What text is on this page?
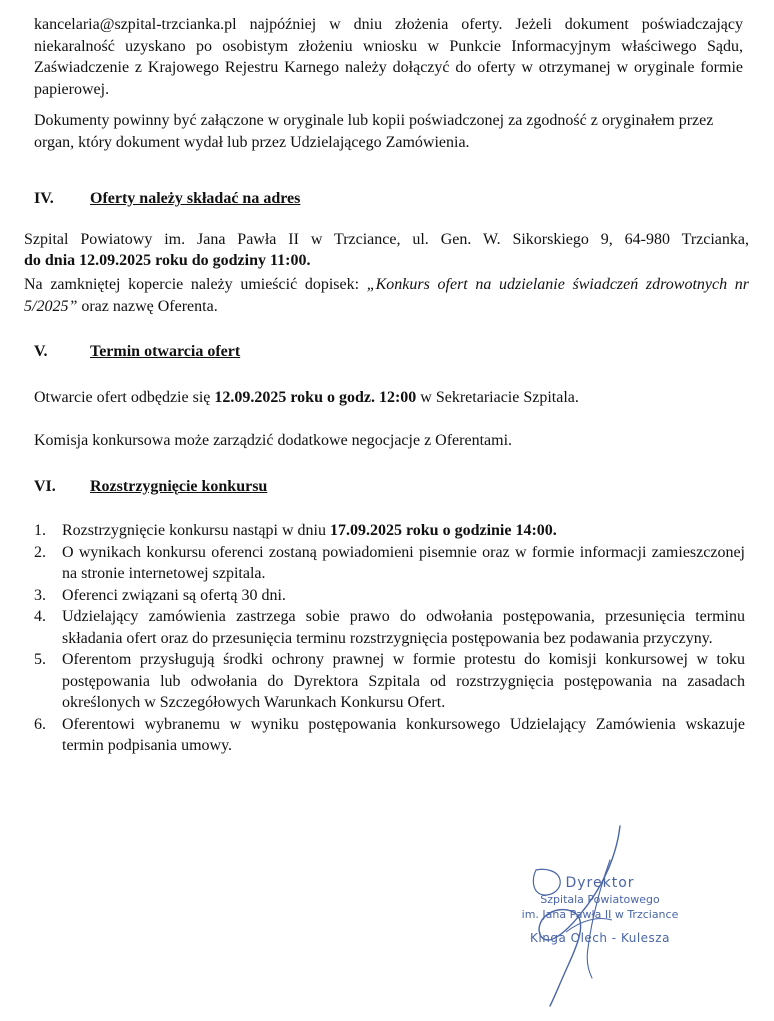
kancelaria@szpital-trzcianka.pl najpóźniej w dniu złożenia oferty. Jeżeli dokument poświadczający niekaralność uzyskano po osobistym złożeniu wniosku w Punkcie Informacyjnym właściwego Sądu, Zaświadczenie z Krajowego Rejestru Karnego należy dołączyć do oferty w otrzymanej w oryginale formie papierowej.

Dokumenty powinny być załączone w oryginale lub kopii poświadczonej za zgodność z oryginałem przez organ, który dokument wydał lub przez Udzielającego Zamówienia.

IV. Oferty należy składać na adres

Szpital Powiatowy im. Jana Pawła II w Trzciance, ul. Gen. W. Sikorskiego 9, 64-980 Trzcianka,

do dnia 12.09.2025 roku do godziny 11:00.

Na zamkniętej kopercie należy umieścić dopisek: „Konkurs ofert na udzielanie świadczeń zdrowotnych nr 5/2025” oraz nazwę Oferenta.

V.	Termin otwarcia ofert

Otwarcie ofert odbędzie się 12.09.2025 roku o godz. 12:00 w Sekretariacie Szpitala.

Komisja konkursowa może zarządzić dodatkowe negocjacje z Oferentami.

VI. Rozstrzygnięcie konkursu
1. Rozstrzygnięcie konkursu nastąpi w dniu 17.09.2025 roku o godzinie 14:00.
2. O wynikach konkursu oferenci zostaną powiadomieni pisemnie oraz w formie informacji zamieszczonej na stronie internetowej szpitala.
3. Oferenci związani są ofertą 30 dni.
4. Udzielający zamówienia zastrzega sobie prawo do odwołania postępowania, przesunięcia terminu składania ofert oraz do przesunięcia terminu rozstrzygnięcia postępowania bez podawania przyczyny.
5. Oferentom przysługują środki ochrony prawnej w formie protestu do komisji konkursowej w toku postępowania lub odwołania do Dyrektora Szpitala od rozstrzygnięcia postępowania na zasadach określonych w Szczegółowych Warunkach Konkursu Ofert.
6. Oferentowi wybranemu w wyniku postępowania konkursowego Udzielający Zamówienia wskazuje termin podpisania umowy.
Dyrektor
Szpitala Powiatowego
im. Jana Pawła II w Trzciance
Kinga Olech - Kulesza
